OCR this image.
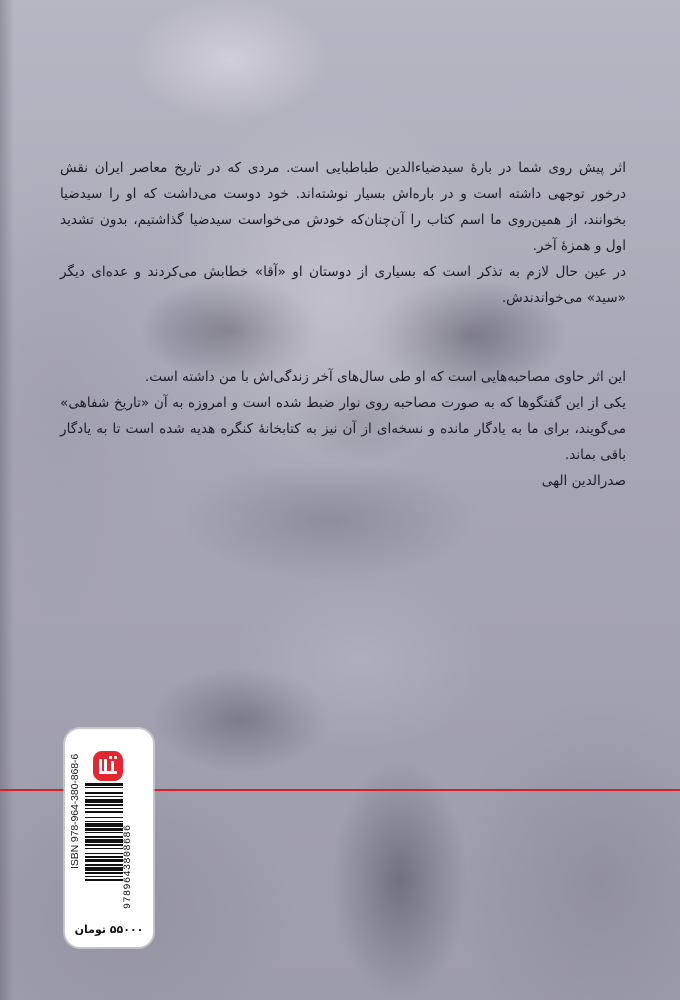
اثر پیش روی شما در بارهٔ سیدضیاءالدین طباطبایی است. مردی که در تاریخ معاصر ایران نقش درخور توجهی داشته است و در باره‌اش بسیار نوشته‌اند. خود دوست می‌داشت که او را سیدضیا بخوانند، از همین‌روی ما اسم کتاب را آن‌چنان‌که خودش می‌خواست سیدضیا گذاشتیم، بدون تشدید اول و همزهٔ آخر.

در عین حال لازم به تذکر است که بسیاری از دوستان او «آقا» خطابش می‌کردند و عده‌ای دیگر «سید» می‌خواندندش.

این اثر حاوی مصاحبه‌هایی است که او طی سال‌های آخر زندگی‌اش با من داشته است.

یکی از این گفتگوها که به صورت مصاحبه روی نوار ضبط شده است و امروزه به آن «تاریخ شفاهی» می‌گویند، برای ما به یادگار مانده و نسخه‌ای از آن نیز به کتابخانهٔ کنگره هدیه شده است تا به یادگار باقی بماند.

صدرالدین الهی

ISBN 978-964-380-868-6	9789643808686
۵۵۰۰۰ تومان
